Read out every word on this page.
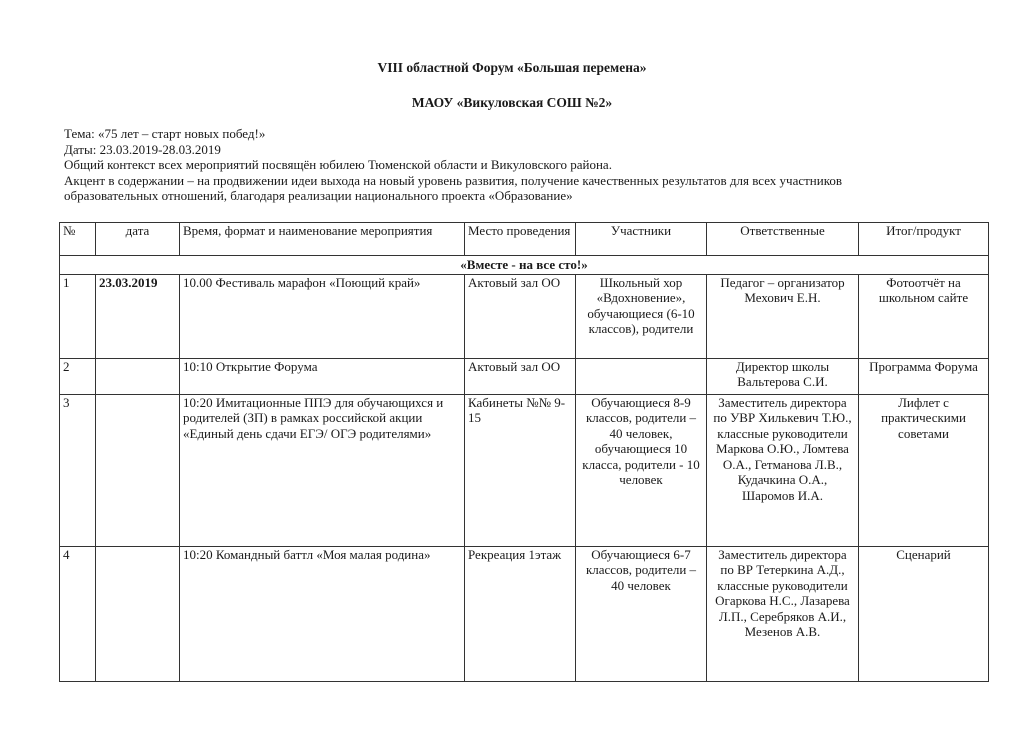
VIII областной Форум «Большая перемена»
МАОУ «Викуловская СОШ №2»
Тема: «75 лет – старт новых побед!»
Даты: 23.03.2019-28.03.2019
Общий контекст всех мероприятий посвящён юбилею Тюменской области и Викуловского района.
Акцент в содержании – на продвижении идеи выхода на новый уровень развития, получение качественных результатов для всех участников
образовательных отношений, благодаря реализации национального проекта «Образование»
№	дата	Время, формат и наименование мероприятия	Место проведения	Участники	Ответственные	Итог/продукт
«Вместе - на все сто!»						
1	23.03.2019	10.00 Фестиваль марафон «Поющий край»	Актовый зал ОО	Школьный хор «Вдохновение», обучающиеся (6-10 классов), родители	Педагог – организатор Мехович Е.Н.	Фотоотчёт на школьном сайте
2		10:10 Открытие Форума	Актовый зал ОО		Директор школы Вальтерова С.И.	Программа Форума
3		10:20 Имитационные ППЭ для обучающихся и родителей (ЗП) в рамках российской акции «Единый день сдачи ЕГЭ/ ОГЭ родителями»	Кабинеты №№ 9-15	Обучающиеся 8-9 классов, родители – 40 человек, обучающиеся 10 класса, родители - 10 человек	Заместитель директора по УВР Хилькевич Т.Ю., классные руководители Маркова О.Ю., Ломтева О.А., Гетманова Л.В., Кудачкина О.А., Шаромов И.А.	Лифлет с практическими советами
4		10:20 Командный баттл «Моя малая родина»	Рекреация 1этаж	Обучающиеся 6-7 классов, родители – 40 человек	Заместитель директора по ВР Тетеркина А.Д., классные руководители Огаркова Н.С., Лазарева Л.П., Серебряков А.И., Мезенов А.В.	Сценарий
